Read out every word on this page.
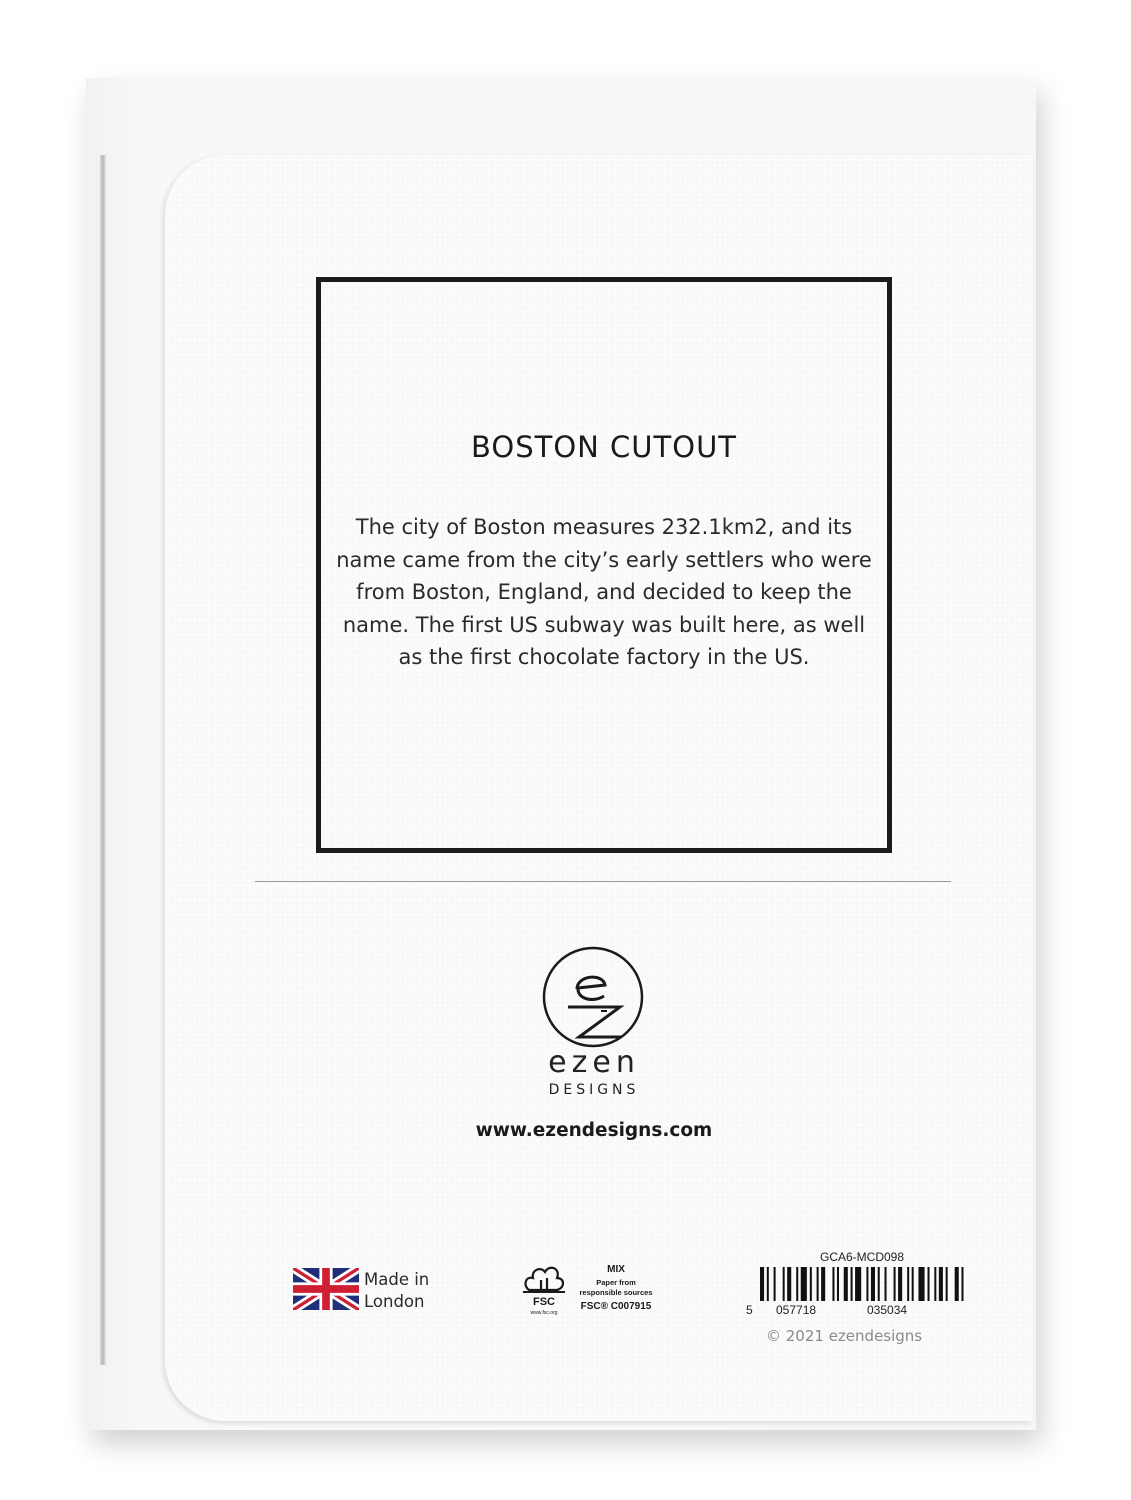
BOSTON CUTOUT
The city of Boston measures 232.1km2, and its name came from the city’s early settlers who were from Boston, England, and decided to keep the name. The first US subway was built here, as well as the first chocolate factory in the US.
ezen
DESIGNS
www.ezendesigns.com
Made in
London	FSC
www.fsc.org
MIX
Paper from
responsible sources
FSC® C007915
GCA6-MCD098
5 057718	035034
© 2021 ezendesigns
